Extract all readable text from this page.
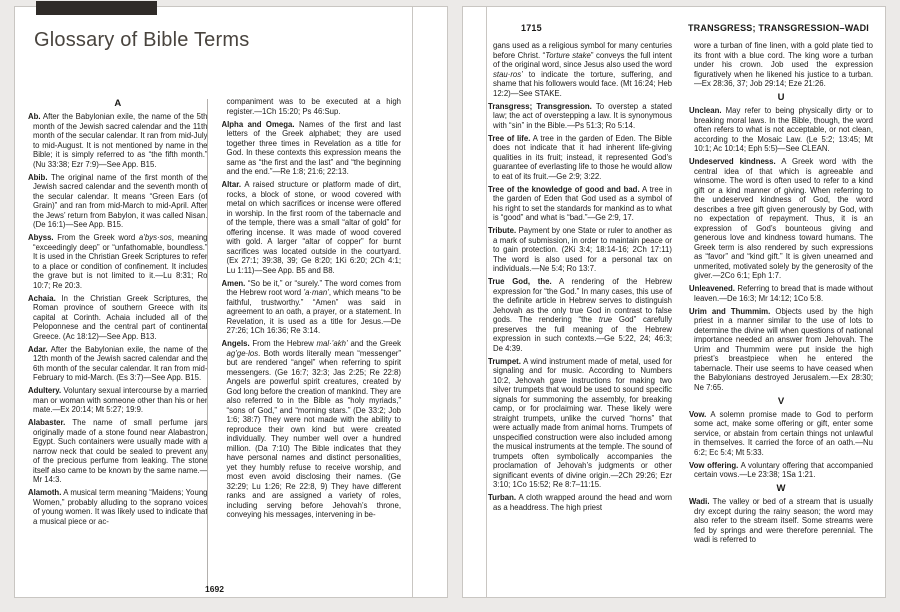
Glossary of Bible Terms

A

Ab. After the Babylonian exile, the name of the 5th month of the Jewish sacred calendar and the 11th month of the secular calendar. It ran from mid-July to mid-August. It is not mentioned by name in the Bible; it is simply referred to as “the fifth month.” (Nu 33:38; Ezr 7:9)—See App. B15.

Abib. The original name of the first month of the Jewish sacred calendar and the seventh month of the secular calendar. It means “Green Ears (of Grain)” and ran from mid-March to mid-April. After the Jews’ return from Babylon, it was called Nisan. (De 16:1)—See App. B15.

Abyss. From the Greek word a’bys·sos, meaning “exceedingly deep” or “unfathomable, boundless.” It is used in the Christian Greek Scriptures to refer to a place or condition of confinement. It includes the grave but is not limited to it.—Lu 8:31; Ro 10:7; Re 20:3.

Achaia. In the Christian Greek Scriptures, the Roman province of southern Greece with its capital at Corinth. Achaia included all of the Peloponnese and the central part of continental Greece. (Ac 18:12)—See App. B13.

Adar. After the Babylonian exile, the name of the 12th month of the Jewish sacred calendar and the 6th month of the secular calendar. It ran from mid-February to mid-March. (Es 3:7)—See App. B15.

Adultery. Voluntary sexual intercourse by a married man or woman with someone other than his or her mate.—Ex 20:14; Mt 5:27; 19:9.

Alabaster. The name of small perfume jars originally made of a stone found near Alabastron, Egypt. Such containers were usually made with a narrow neck that could be sealed to prevent any of the precious perfume from leaking. The stone itself also came to be known by the same name.—Mr 14:3.

Alamoth. A musical term meaning “Maidens; Young Women,” probably alluding to the soprano voices of young women. It was likely used to indicate that a musical piece or ac-

companiment was to be executed at a high register.—1Ch 15:20; Ps 46:Sup.

Alpha and Omega. Names of the first and last letters of the Greek alphabet; they are used together three times in Revelation as a title for God. In these contexts this expression means the same as “the first and the last” and “the beginning and the end.”—Re 1:8; 21:6; 22:13.

Altar. A raised structure or platform made of dirt, rocks, a block of stone, or wood covered with metal on which sacrifices or incense were offered in worship. In the first room of the tabernacle and of the temple, there was a small “altar of gold” for offering incense. It was made of wood covered with gold. A larger “altar of copper” for burnt sacrifices was located outside in the courtyard. (Ex 27:1; 39:38, 39; Ge 8:20; 1Ki 6:20; 2Ch 4:1; Lu 1:11)—See App. B5 and B8.

Amen. “So be it,” or “surely.” The word comes from the Hebrew root word ’a·man’, which means “to be faithful, trustworthy.” “Amen” was said in agreement to an oath, a prayer, or a statement. In Revelation, it is used as a title for Jesus.—De 27:26; 1Ch 16:36; Re 3:14.

Angels. From the Hebrew mal·’akh’ and the Greek ag’ge·los. Both words literally mean “messenger” but are rendered “angel” when referring to spirit messengers. (Ge 16:7; 32:3; Jas 2:25; Re 22:8) Angels are powerful spirit creatures, created by God long before the creation of mankind. They are also referred to in the Bible as “holy myriads,” “sons of God,” and “morning stars.” (De 33:2; Job 1:6; 38:7) They were not made with the ability to reproduce their own kind but were created individually. They number well over a hundred million. (Da 7:10) The Bible indicates that they have personal names and distinct personalities, yet they humbly refuse to receive worship, and most even avoid disclosing their names. (Ge 32:29; Lu 1:26; Re 22:8, 9) They have different ranks and are assigned a variety of roles, including serving before Jehovah’s throne, conveying his messages, intervening in be-

1692
1715	TRANSGRESS; TRANSGRESSION–WADI

gans used as a religious symbol for many centuries before Christ. “Torture stake” conveys the full intent of the original word, since Jesus also used the word stau·ros’ to indicate the torture, suffering, and shame that his followers would face. (Mt 16:24; Heb 12:2)—See STAKE.

Transgress; Transgression. To overstep a stated law; the act of overstepping a law. It is synonymous with “sin” in the Bible.—Ps 51:3; Ro 5:14.

Tree of life. A tree in the garden of Eden. The Bible does not indicate that it had inherent life-giving qualities in its fruit; instead, it represented God’s guarantee of everlasting life to those he would allow to eat of its fruit.—Ge 2:9; 3:22.

Tree of the knowledge of good and bad. A tree in the garden of Eden that God used as a symbol of his right to set the standards for mankind as to what is “good” and what is “bad.”—Ge 2:9, 17.

Tribute. Payment by one State or ruler to another as a mark of submission, in order to maintain peace or to gain protection. (2Ki 3:4; 18:14-16; 2Ch 17:11) The word is also used for a personal tax on individuals.—Ne 5:4; Ro 13:7.

True God, the. A rendering of the Hebrew expression for “the God.” In many cases, this use of the definite article in Hebrew serves to distinguish Jehovah as the only true God in contrast to false gods. The rendering “the true God” carefully preserves the full meaning of the Hebrew expression in such contexts.—Ge 5:22, 24; 46:3; De 4:39.

Trumpet. A wind instrument made of metal, used for signaling and for music. According to Numbers 10:2, Jehovah gave instructions for making two silver trumpets that would be used to sound specific signals for summoning the assembly, for breaking camp, or for proclaiming war. These likely were straight trumpets, unlike the curved “horns” that were actually made from animal horns. Trumpets of unspecified construction were also included among the musical instruments at the temple. The sound of trumpets often symbolically accompanies the proclamation of Jehovah’s judgments or other significant events of divine origin.—2Ch 29:26; Ezr 3:10; 1Co 15:52; Re 8:7–11:15.

Turban. A cloth wrapped around the head and worn as a headdress. The high priest

wore a turban of fine linen, with a gold plate tied to its front with a blue cord. The king wore a turban under his crown. Job used the expression figuratively when he likened his justice to a turban.—Ex 28:36, 37; Job 29:14; Eze 21:26.

U

Unclean. May refer to being physically dirty or to breaking moral laws. In the Bible, though, the word often refers to what is not acceptable, or not clean, according to the Mosaic Law. (Le 5:2; 13:45; Mt 10:1; Ac 10:14; Eph 5:5)—See CLEAN.

Undeserved kindness. A Greek word with the central idea of that which is agreeable and winsome. The word is often used to refer to a kind gift or a kind manner of giving. When referring to the undeserved kindness of God, the word describes a free gift given generously by God, with no expectation of repayment. Thus, it is an expression of God’s bounteous giving and generous love and kindness toward humans. The Greek term is also rendered by such expressions as “favor” and “kind gift.” It is given unearned and unmerited, motivated solely by the generosity of the giver.—2Co 6:1; Eph 1:7.

Unleavened. Referring to bread that is made without leaven.—De 16:3; Mr 14:12; 1Co 5:8.

Urim and Thummim. Objects used by the high priest in a manner similar to the use of lots to determine the divine will when questions of national importance needed an answer from Jehovah. The Urim and Thummim were put inside the high priest’s breastpiece when he entered the tabernacle. Their use seems to have ceased when the Babylonians destroyed Jerusalem.—Ex 28:30; Ne 7:65.

V

Vow. A solemn promise made to God to perform some act, make some offering or gift, enter some service, or abstain from certain things not unlawful in themselves. It carried the force of an oath.—Nu 6:2; Ec 5:4; Mt 5:33.

Vow offering. A voluntary offering that accompanied certain vows.—Le 23:38; 1Sa 1:21.

W

Wadi. The valley or bed of a stream that is usually dry except during the rainy season; the word may also refer to the stream itself. Some streams were fed by springs and were therefore perennial. The wadi is referred to
